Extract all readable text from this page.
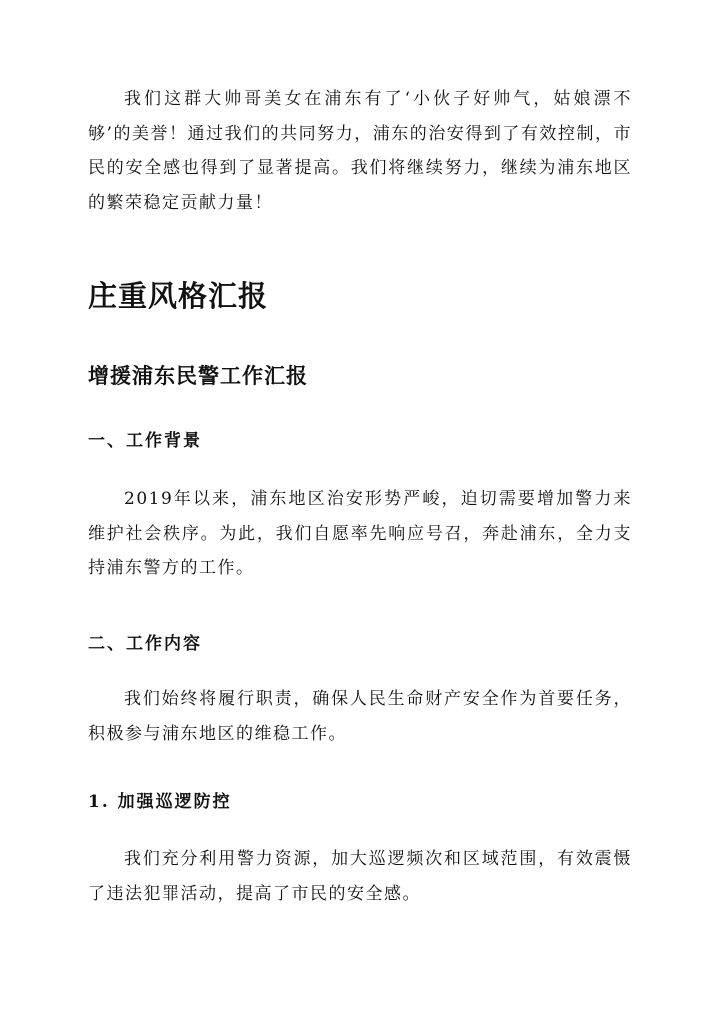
我们这群大帅哥美女在浦东有了‘小伙子好帅气，姑娘漂不够’的美誉！通过我们的共同努力，浦东的治安得到了有效控制，市民的安全感也得到了显著提高。我们将继续努力，继续为浦东地区的繁荣稳定贡献力量！

庄重风格汇报
增援浦东民警工作汇报
一、工作背景

2019年以来，浦东地区治安形势严峻，迫切需要增加警力来维护社会秩序。为此，我们自愿率先响应号召，奔赴浦东，全力支持浦东警方的工作。

二、工作内容

我们始终将履行职责，确保人民生命财产安全作为首要任务，积极参与浦东地区的维稳工作。

1. 加强巡逻防控

我们充分利用警力资源，加大巡逻频次和区域范围，有效震慑了违法犯罪活动，提高了市民的安全感。
